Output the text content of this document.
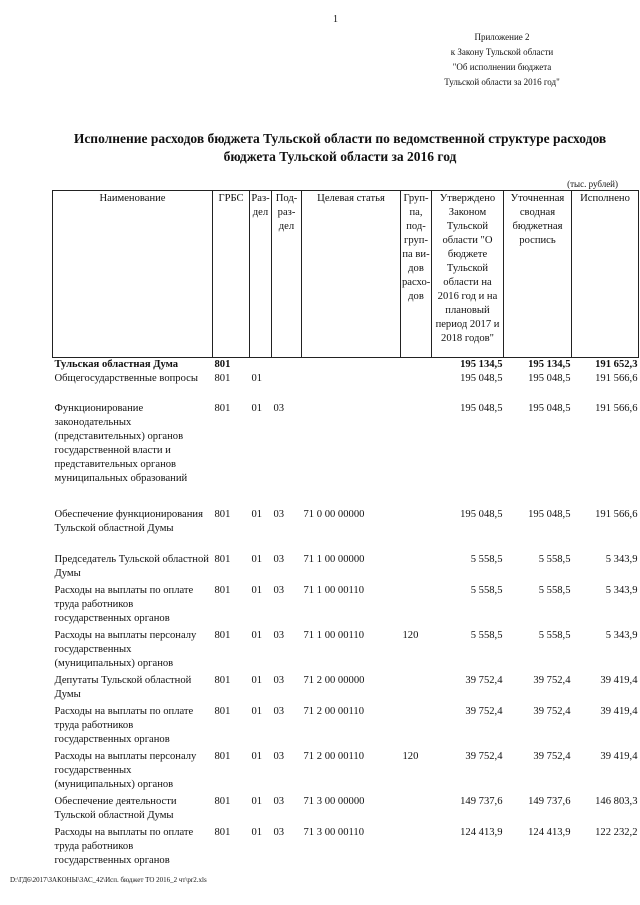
1
Приложение 2
к Закону Тульской области
"Об исполнении бюджета
Тульской области за 2016 год"
Исполнение расходов бюджета Тульской области по ведомственной структуре расходов
бюджета Тульской области за 2016 год
(тыс. рублей)
Наименование	ГРБС	Раз-дел	Под-раз-дел	Целевая статья	Груп-па, под-груп-па ви-дов расхо-дов	Утверждено Законом Тульской области "О бюджете Тульской области на 2016 год и на плановый период 2017 и 2018 годов"	Уточненная сводная бюджетная роспись	Исполнено
Тульская областная Дума	801					195 134,5	195 134,5	191 652,3
Общегосударственные вопросы	801	01				195 048,5	195 048,5	191 566,6
Функционирование законодательных (представительных) органов государственной власти и представительных органов муниципальных образований	801	01	03			195 048,5	195 048,5	191 566,6
Обеспечение функционирования Тульской областной Думы	801	01	03	71 0 00 00000		195 048,5	195 048,5	191 566,6
Председатель Тульской областной Думы	801	01	03	71 1 00 00000		5 558,5	5 558,5	5 343,9
Расходы на выплаты по оплате труда работников государственных органов	801	01	03	71 1 00 00110		5 558,5	5 558,5	5 343,9
Расходы на выплаты персоналу государственных (муниципальных) органов	801	01	03	71 1 00 00110	120	5 558,5	5 558,5	5 343,9
Депутаты Тульской областной Думы	801	01	03	71 2 00 00000		39 752,4	39 752,4	39 419,4
Расходы на выплаты по оплате труда работников государственных органов	801	01	03	71 2 00 00110		39 752,4	39 752,4	39 419,4
Расходы на выплаты персоналу государственных (муниципальных) органов	801	01	03	71 2 00 00110	120	39 752,4	39 752,4	39 419,4
Обеспечение деятельности Тульской областной Думы	801	01	03	71 3 00 00000		149 737,6	149 737,6	146 803,3
Расходы на выплаты по оплате труда работников государственных органов	801	01	03	71 3 00 00110		124 413,9	124 413,9	122 232,2
D:\ГД6\2017\ЗАКОНЫ\ЗАС_42\Исп. бюджет ТО 2016_2 чт\pr2.xls
